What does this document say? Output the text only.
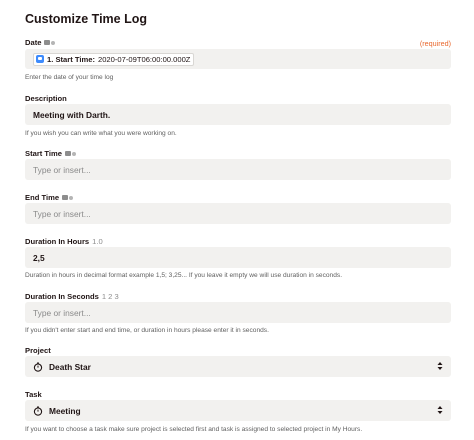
Customize Time Log
Date	(required)
1. Start Time: 2020-07-09T06:00:00.000Z
Enter the date of your time log
Description
Meeting with Darth.
If you wish you can write what you were working on.
Start Time
Type or insert...
End Time
Type or insert...
Duration In Hours 1.0
2,5
Duration in hours in decimal format example 1,5; 3,25... If you leave it empty we will use duration in seconds.
Duration In Seconds 1 2 3
Type or insert...
If you didn't enter start and end time, or duration in hours please enter it in seconds.
Project
Death Star
Task
Meeting
If you want to choose a task make sure project is selected first and task is assigned to selected project in My Hours.
